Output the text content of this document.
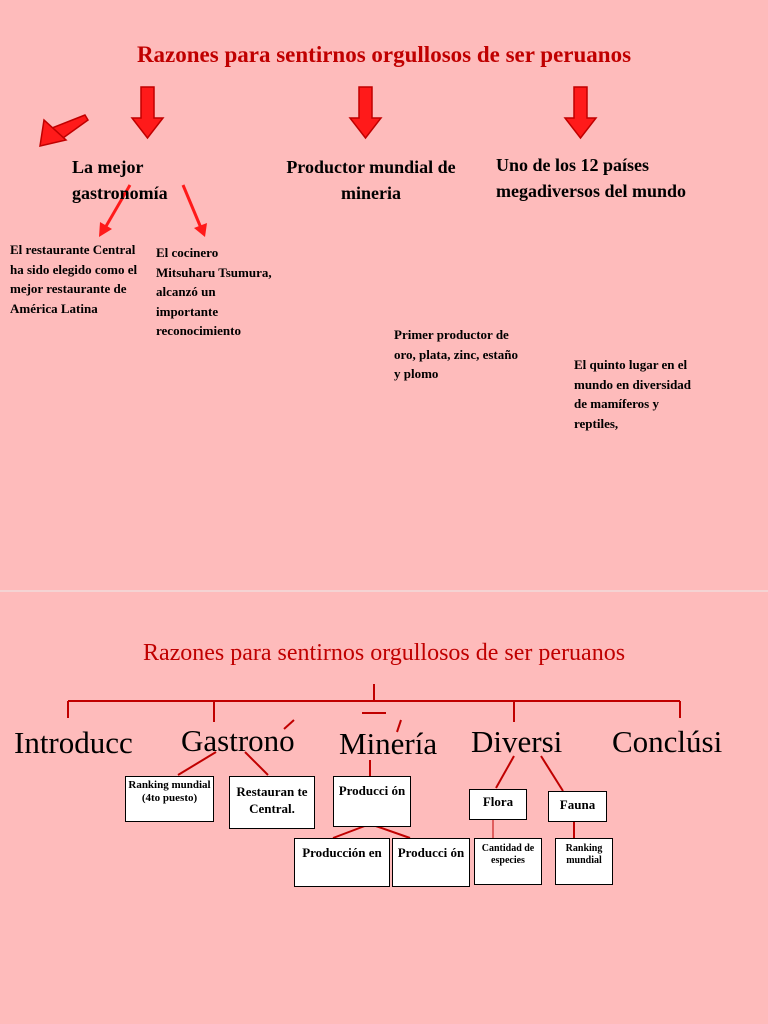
Razones para sentirnos orgullosos de ser peruanos
La mejor gastronomía
Productor mundial de mineria
Uno de los 12 países megadiversos del mundo
El restaurante Central ha sido elegido como el mejor restaurante de América Latina
El cocinero Mitsuharu Tsumura, alcanzó un importante reconocimiento	Primer productor de oro, plata, zinc, estaño y plomo
El quinto lugar en el mundo en diversidad de mamíferos y reptiles,
Razones para sentirnos orgullosos de ser peruanos
Introducc Gastrono Minería Diversi Conclúsi
Ranking mundial (4to puesto)	Restauran te Central.
Producci ón
Producción en	Producci ón
Flora	Fauna
Cantidad de especies
Ranking mundial
